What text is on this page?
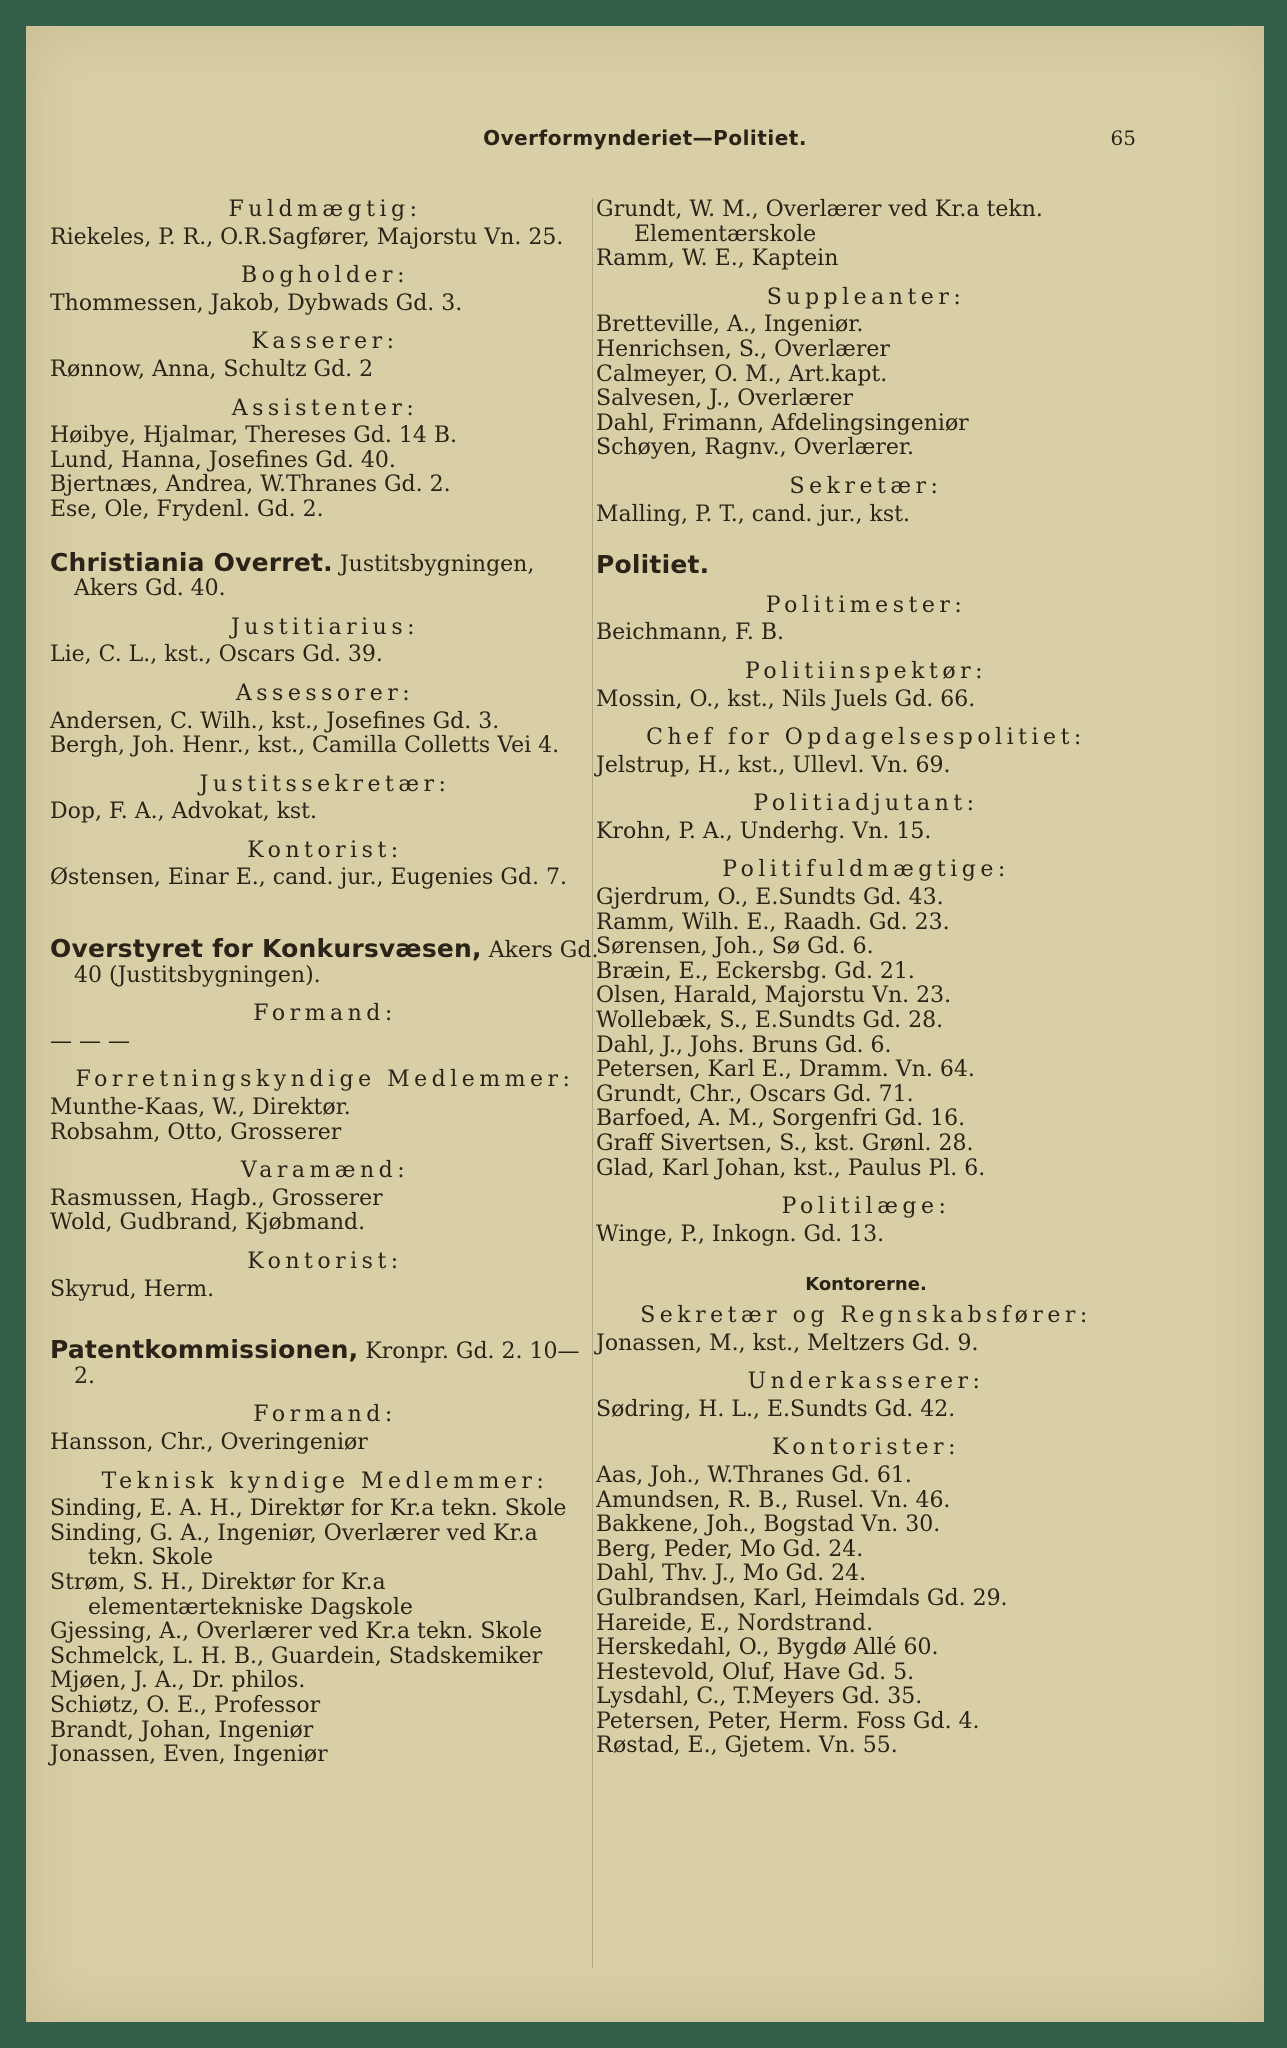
Overformynderiet—Politiet.	65
Fuldmægtig:
Riekeles, P. R., O.R.Sagfører, Majorstu Vn. 25.
Bogholder:
Thommessen, Jakob, Dybwads Gd. 3.
Kasserer:
Rønnow, Anna, Schultz Gd. 2
Assistenter:
Høibye, Hjalmar, Thereses Gd. 14 B.
Lund, Hanna, Josefines Gd. 40.
Bjertnæs, Andrea, W.Thranes Gd. 2.
Ese, Ole, Frydenl. Gd. 2.
Christiania Overret. Justitsbygningen, Akers Gd. 40.
Justitiarius:
Lie, C. L., kst., Oscars Gd. 39.
Assessorer:
Andersen, C. Wilh., kst., Josefines Gd. 3.
Bergh, Joh. Henr., kst., Camilla Colletts Vei 4.
Justitssekretær:
Dop, F. A., Advokat, kst.
Kontorist:
Østensen, Einar E., cand. jur., Eugenies Gd. 7.
Overstyret for Konkursvæsen, Akers Gd. 40 (Justitsbygningen).
Formand:
— — —
Forretningskyndige Medlemmer:
Munthe-Kaas, W., Direktør.
Robsahm, Otto, Grosserer
Varamænd:
Rasmussen, Hagb., Grosserer
Wold, Gudbrand, Kjøbmand.
Kontorist:
Skyrud, Herm.
Patentkommissionen, Kronpr. Gd. 2. 10—2.
Formand:
Hansson, Chr., Overingeniør
Teknisk kyndige Medlemmer:
Sinding, E. A. H., Direktør for Kr.a tekn. Skole
Sinding, G. A., Ingeniør, Overlærer ved Kr.a tekn. Skole
Strøm, S. H., Direktør for Kr.a elementærtekniske Dagskole
Gjessing, A., Overlærer ved Kr.a tekn. Skole
Schmelck, L. H. B., Guardein, Stadskemiker
Mjøen, J. A., Dr. philos.
Schiøtz, O. E., Professor
Brandt, Johan, Ingeniør
Jonassen, Even, Ingeniør
Grundt, W. M., Overlærer ved Kr.a tekn. Elementærskole
Ramm, W. E., Kaptein
Suppleanter:
Bretteville, A., Ingeniør.
Henrichsen, S., Overlærer
Calmeyer, O. M., Art.kapt.
Salvesen, J., Overlærer
Dahl, Frimann, Afdelingsingeniør
Schøyen, Ragnv., Overlærer.
Sekretær:
Malling, P. T., cand. jur., kst.
Politiet.
Politimester:
Beichmann, F. B.
Politiinspektør:
Mossin, O., kst., Nils Juels Gd. 66.
Chef for Opdagelsespolitiet:
Jelstrup, H., kst., Ullevl. Vn. 69.
Politiadjutant:
Krohn, P. A., Underhg. Vn. 15.
Politifuldmægtige:
Gjerdrum, O., E.Sundts Gd. 43.
Ramm, Wilh. E., Raadh. Gd. 23.
Sørensen, Joh., Sø Gd. 6.
Bræin, E., Eckersbg. Gd. 21.
Olsen, Harald, Majorstu Vn. 23.
Wollebæk, S., E.Sundts Gd. 28.
Dahl, J., Johs. Bruns Gd. 6.
Petersen, Karl E., Dramm. Vn. 64.
Grundt, Chr., Oscars Gd. 71.
Barfoed, A. M., Sorgenfri Gd. 16.
Graff Sivertsen, S., kst. Grønl. 28.
Glad, Karl Johan, kst., Paulus Pl. 6.
Politilæge:
Winge, P., Inkogn. Gd. 13.
Kontorerne.
Sekretær og Regnskabsfører:
Jonassen, M., kst., Meltzers Gd. 9.
Underkasserer:
Sødring, H. L., E.Sundts Gd. 42.
Kontorister:
Aas, Joh., W.Thranes Gd. 61.
Amundsen, R. B., Rusel. Vn. 46.
Bakkene, Joh., Bogstad Vn. 30.
Berg, Peder, Mo Gd. 24.
Dahl, Thv. J., Mo Gd. 24.
Gulbrandsen, Karl, Heimdals Gd. 29.
Hareide, E., Nordstrand.
Herskedahl, O., Bygdø Allé 60.
Hestevold, Oluf, Have Gd. 5.
Lysdahl, C., T.Meyers Gd. 35.
Petersen, Peter, Herm. Foss Gd. 4.
Røstad, E., Gjetem. Vn. 55.
